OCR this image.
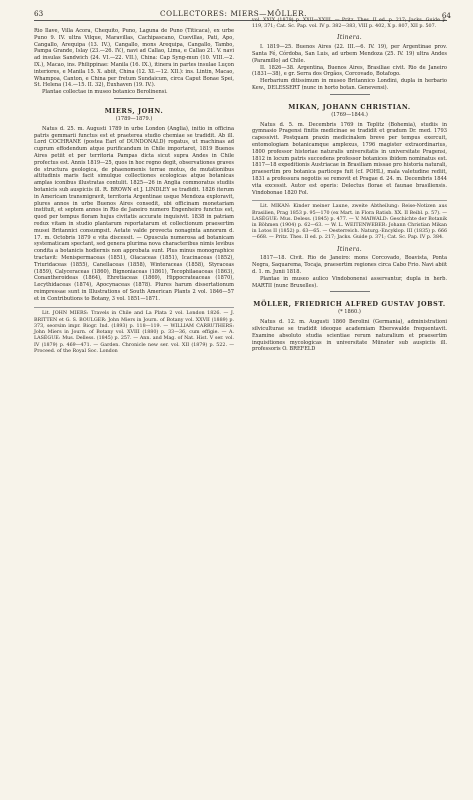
63	COLLECTORES: MIERS—MÖLLER.	64

Rio Ilave, Villa Acora, Chequito, Puno, Laguna de Puno (Titicaca), ex urbe Puno 9. IV. ultra Vilque, Maravillas, Cachipascano, Cuevillas, Pati, Apo, Cangallo, Arequipa (13. IV.), Cangallo, mons Arequipa, Cangallo, Tambo, Pampa Grande, Islay (23.—26. IV.), navi ad Callao, Lima, e Callao 21. V. navi ad insulas Sandwich (24. VI.—22. VII.), China: Cap Syng-mun (10. VIII.—2. IX.), Macao, ins. Philippinae: Manila (16. IX.), itinera in partes insulae Luçon interiores, e Manila 15. X. abiit, China (12. XI.—12. XII.): ins. Lintin, Macao, Whampoa, Canton, e China per fretum Sundaicum, circa Caput Bonae Spei, St. Helena (14.—15. II. 32), Euxhaven (19. IV.).

Plantae collectae in museo botanico Berolinensi.

MIERS, JOHN.
(1789—1879.)

Natus d. 25. m. Augusti 1789 in urbe London (Anglia), initio in officina patris gemmarii functus est et praeterea studio chemiae se tradidit. Ab ill. Lord COCHRANE (postea Earl of DUNDONALD) rogatus, ut machinas ad cuprum effodendum atque purificandum in Chile importaret, 1819 Buenos Aires petiit et per territoria Pampas dicta sicut supra Andes in Chile profectus est. Annis 1819—25, quos in hoc regno degit, observationes graves de structura geologica, de phaenomenis terrae motus, de mutationibus altitudinis maris facit simulque collectiones ecologicas atque botanicas amplas iconibus illustratas contulit. 1825—26 in Anglia commoratus studiis botanicis sub auspiciis ill. R. BROWN et J. LINDLEY se tradidit. 1826 iterum in Americam transmigravit, territoria Argentinae usque Mendoza exploravit, plures annos in urbe Buenos Aires consedit, ubi officinam monetariam instituit, et septem annos in Rio de Janeiro numero Engenheiro functus est, quod per tempus floram hujus civitatis accurate inquisivit. 1838 in patriam redux vitam in studio plantarum reportatarum et collectionum praesertim musei Britannici consumpsit. Aetate valde provecta nonaginta annorum d. 17. m. Octobris 1879 e vita discessit. — Opuscula numerosa ad botanicam systematicam spectant, sed genera plurima nova characteribus nimis levibus condita a botanicis hodiernis non approbata sunt. Plus minus monographice tractavit: Menispermaceas (1851), Olacaceas (1851), Icacinaceas (1852), Triuridaceas (1855), Canellaceas (1858), Winteraceas (1858), Styraceas (1859), Calyceraceas (1860), Bignoniaceas (1861), Tecophilaeaceas (1863), Conantheroideas (1864), Ehretiaceas (1869), Hippocrateaceas (1870), Lecythidaceas (1874), Apocynaceas (1878). Plures harum dissertationum reimpressae sunt in Illustrations of South American Plants 2 vol. 1846—57 et in Contributions to Botany, 3 vol. 1851—1871.

Lit. JOHN MIERS: Travels in Chile and La Plata 2 vol. London 1826. — J. BRITTEN et G. S. BOULGER: John Miers in Journ. of Botany vol. XXVII (1889) p. 373, seorsim impr. Biogr. Ind. (1893) p. 118—119. — WILLIAM CARRUTHERS: John Miers in Journ. of Botany vol. XVIII (1880) p. 33—36, cum effigie. — A. LASÈGUE: Mus. Delless. (1845) p. 257. — Ann. and Mag. of Nat. Hist. V ser. vol. IV (1879) p. 469—471. — Garden. Chronicle new ser. vol. XII (1879) p. 522. — Proceed. of the Royal Soc. London

vol. XXIX (1879) p. XXII—XXIII. — Pritz. Thes. II ed. p. 217; Jacks. Guide p. 119, 371; Cat. Sc. Pap. vol. IV p. 382—383, VIII p. 402, X p. 807, XII p. 507.

Itinera.

I. 1819—25. Buenos Aires (22. III.—6. IV. 19), per Argentinae prov. Santa Fé, Córdoba, San Luis, ad urbem Mendoza (25. IV. 19) ultra Andes (Paramillo) ad Chile.

II. 1826—38. Argentina, Buenos Aires, Brasiliae civit. Rio de Janeiro (1831—38), e gr. Serra dos Orgãos, Corcovado, Botafogo.

Herbarium ditissimum in museo Britannico Londini, dupla in herbario Kew., DELESSERT (nunc in horto botan. Genevensi).

MIKAN, JOHANN CHRISTIAN.
(1769—1844.)

Natus d. 5. m. Decembris 1769 in Teplitz (Bohemia), studiis in gymnasio Pragensi finitis medicinae se tradidit et gradum Dr. med. 1793 capessivit. Postquam praxin medicinalem breve per tempus exercuit, entomologiam botanicamque amplexus, 1796 magister extraordinarius, 1800 professor historiae naturalis universitatis in universitate Pragensi, 1812 in locum patris succedens professor botanices ibidem nominatus est. 1817—18 expeditionis Austriacae in Brasiliam missae pro historia naturali, praesertim pro botanica particeps fuit (cf. POHL), mala valetudine rediit, 1831 a professura negotiis se removit et Pragae d. 24. m. Decembris 1844 vita excessit. Autor est operis: Delectus florae et faunae brasiliensis. Vindobonae 1820 Fol.

Lit. MIKAN: Kinder meiner Laune, zweite Abtheilung: Reise-Notizen aus Brasilien, Prag 1853 p. 95—170 (ex Mart. in Flora Ratisb. XX. II Beibl. p. 57). — LASÈGUE: Mus. Deless. (1845) p. 477. — V. MAIWALD: Geschichte der Botanik in Böhmen (1904) p. 62—63. — W. L. WEITENWEBER: Johann Christian Mikan in Lotos II (1852) p. 63—65. — Oesterreich. Naturg.-Encyklop. III (1835) p. 666—668. — Pritz. Thes. II ed. p. 217; Jacks. Guide p. 371; Cat. Sc. Pap. IV p. 384.

Itinera.

1817—18. Civit. Rio de Janeiro: mons Corcovado, Boavista, Ponta Negra, Saquarema, Tocaja, praesertim regiones circa Cabo Frio. Navi abiit d. 1. m. Junii 1818.

Plantae in museo aulico Vindobonensi asservantur, dupla in herb. MARTII (nunc Bruxelles).

MÖLLER, FRIEDRICH ALFRED GUSTAV JOBST.
(* 1860.)

Natus d. 12. m. Augusti 1860 Berolini (Germania), administrationi silviculturae se tradidit ideoque academiam Eberswalde frequentavit. Examine absoluto studia scientiae rerum naturalium et praesertim inquisitiones mycologicas in universitate Münster sub auspiciis ill. professoris O. BREFELD
